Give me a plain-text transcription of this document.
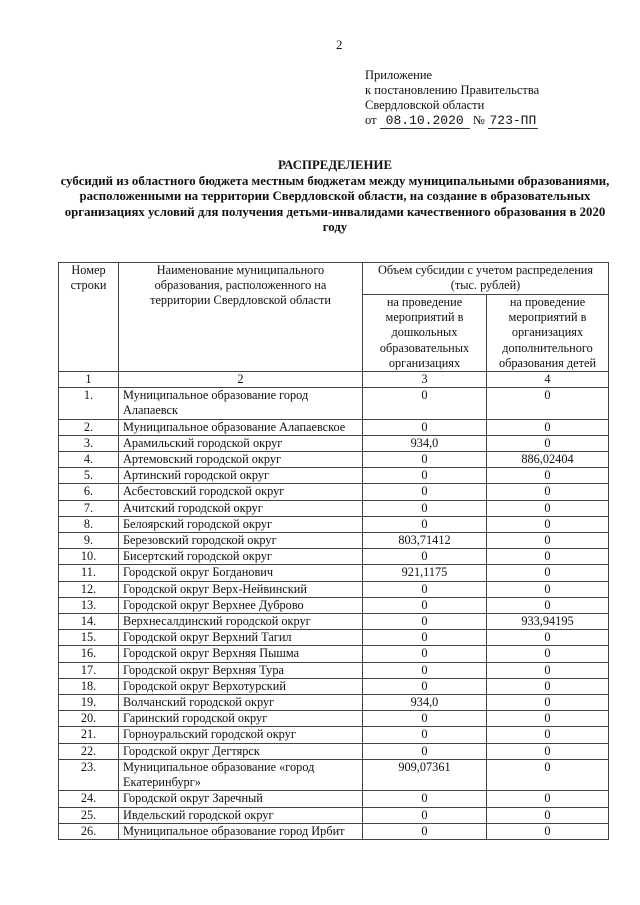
2
Приложение
к постановлению Правительства
Свердловской области
от 08.10.2020 № 723-ПП
РАСПРЕДЕЛЕНИЕ
субсидий из областного бюджета местным бюджетам между муниципальными образованиями, расположенными на территории Свердловской области, на создание в образовательных организациях условий для получения детьми-инвалидами качественного образования в 2020 году
Номер строки	Наименование муниципального образования, расположенного на территории Свердловской области	Объем субсидии с учетом распределения (тыс. рублей)	
		на проведение мероприятий в дошкольных образовательных организациях	на проведение мероприятий в организациях дополнительного образования детей
1	2	3	4
1.	Муниципальное образование город Алапаевск	0	0
2.	Муниципальное образование Алапаевское	0	0
3.	Арамильский городской округ	934,0	0
4.	Артемовский городской округ	0	886,02404
5.	Артинский городской округ	0	0
6.	Асбестовский городской округ	0	0
7.	Ачитский городской округ	0	0
8.	Белоярский городской округ	0	0
9.	Березовский городской округ	803,71412	0
10.	Бисертский городской округ	0	0
11.	Городской округ Богданович	921,1175	0
12.	Городской округ Верх-Нейвинский	0	0
13.	Городской округ Верхнее Дуброво	0	0
14.	Верхнесалдинский городской округ	0	933,94195
15.	Городской округ Верхний Тагил	0	0
16.	Городской округ Верхняя Пышма	0	0
17.	Городской округ Верхняя Тура	0	0
18.	Городской округ Верхотурский	0	0
19.	Волчанский городской округ	934,0	0
20.	Гаринский городской округ	0	0
21.	Горноуральский городской округ	0	0
22.	Городской округ Дегтярск	0	0
23.	Муниципальное образование «город Екатеринбург»	909,07361	0
24.	Городской округ Заречный	0	0
25.	Ивдельский городской округ	0	0
26.	Муниципальное образование город Ирбит	0	0
